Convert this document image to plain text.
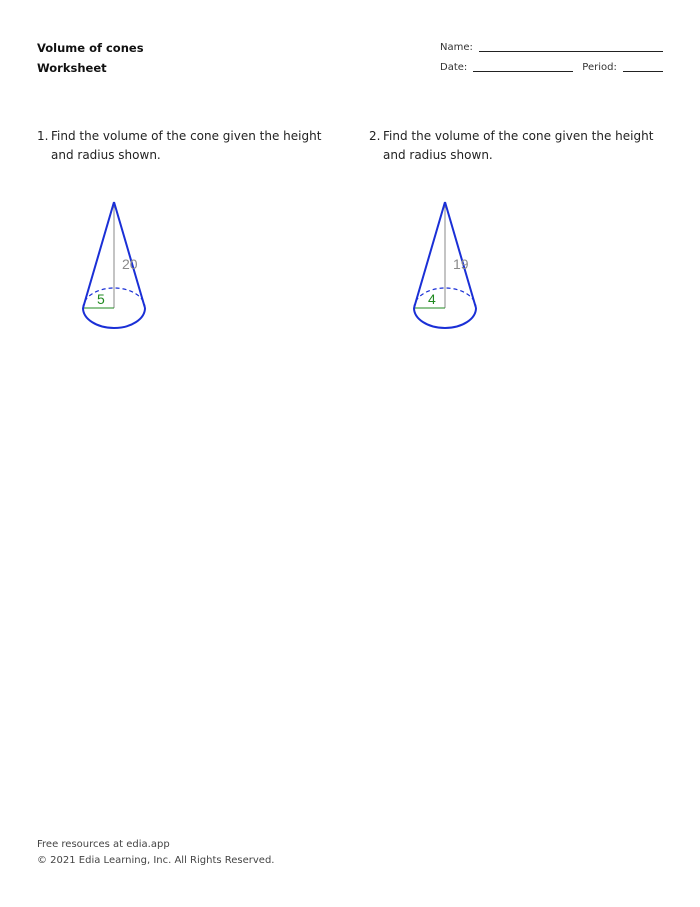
Volume of cones
Worksheet
Name:
Date:	Period:
1. Find the volume of the cone given the height and radius shown.
2. Find the volume of the cone given the height and radius shown.
20
5
19
4
Free resources at edia.app
© 2021 Edia Learning, Inc. All Rights Reserved.
